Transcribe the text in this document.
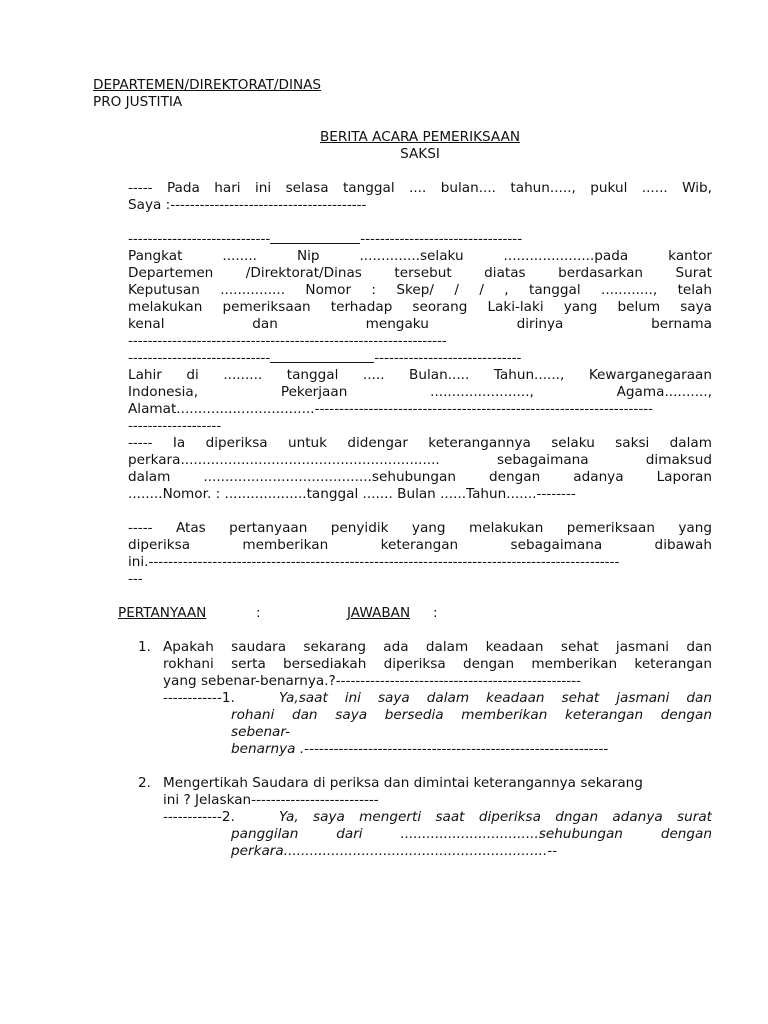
DEPARTEMEN/DIREKTORAT/DINAS
PRO JUSTITIA
BERITA ACARA PEMERIKSAAN
SAKSI
----- Pada hari ini selasa tanggal .... bulan.... tahun....., pukul ...... Wib,
Saya :----------------------------------------
-----------------------------	---------------------------------
Pangkat ........ Nip ..............selaku .....................pada kantor
Departemen /Direktorat/Dinas tersebut diatas berdasarkan Surat
Keputusan ............... Nomor : Skep/ / / , tanggal ............, telah
melakukan pemeriksaan terhadap seorang Laki-laki yang belum saya
kenal dan mengaku dirinya bernama
-----------------------------------------------------------------
-----------------------------	------------------------------
Lahir di ......... tanggal ..... Bulan..... Tahun......, Kewarganegaraan
Indonesia, Pekerjaan ......................., Agama..........,
Alamat................................---------------------------------------------------------------------
-------------------
----- Ia diperiksa untuk didengar keterangannya selaku saksi dalam
perkara............................................................ sebagaimana dimaksud
dalam .......................................sehubungan dengan adanya Laporan
........Nomor. : ...................tanggal ....... Bulan ......Tahun.......--------
----- Atas pertanyaan penyidik yang melakukan pemeriksaan yang
diperiksa memberikan keterangan sebagaimana dibawah
ini.------------------------------------------------------------------------------------------------
---
PERTANYAAN	:	JAWABAN :
1. Apakah saudara sekarang ada dalam keadaan sehat jasmani dan
rokhani serta bersediakah diperiksa dengan memberikan keterangan
yang sebenar-benarnya.?--------------------------------------------------
------------1.	Ya,saat ini saya dalam keadaan sehat jasmani dan
rohani dan saya bersedia memberikan keterangan dengan
sebenar-
benarnya .--------------------------------------------------------------
2. Mengertikah Saudara di periksa dan dimintai keterangannya sekarang
ini ? Jelaskan--------------------------
------------2.	Ya, saya mengerti saat diperiksa dngan adanya surat
panggilan dari ................................sehubungan dengan
perkara.............................................................--
